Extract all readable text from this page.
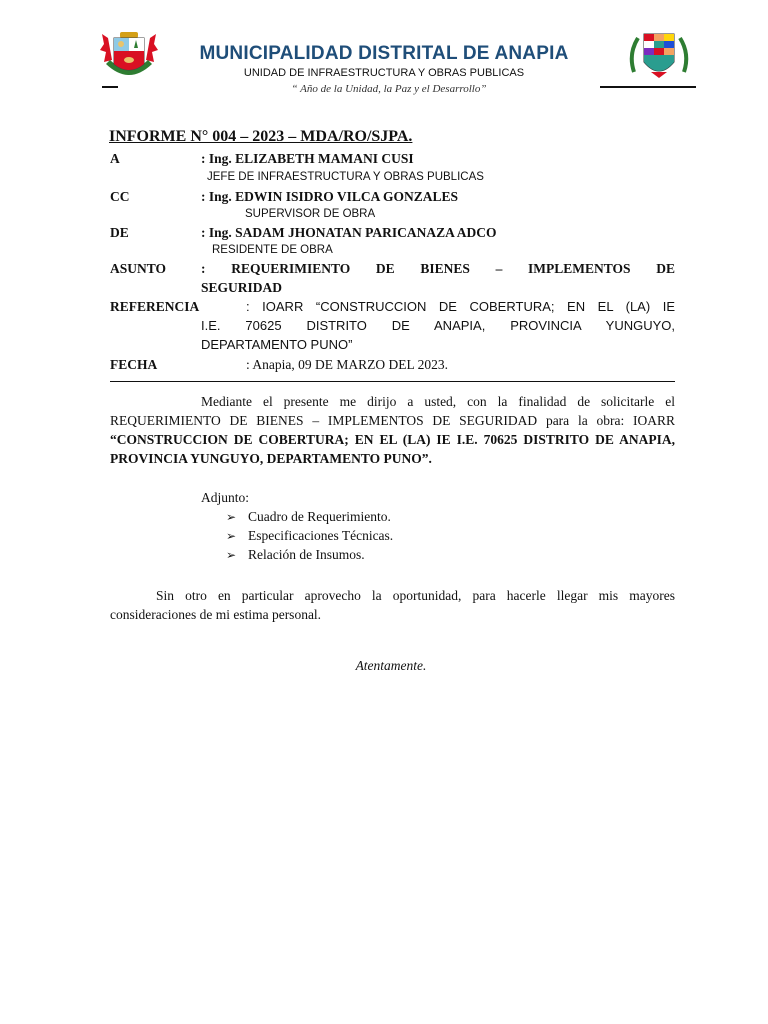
MUNICIPALIDAD DISTRITAL DE ANAPIA
UNIDAD DE INFRAESTRUCTURA Y OBRAS PUBLICAS
“ Año de la Unidad, la Paz y el Desarrollo”
INFORME N° 004 – 2023 – MDA/RO/SJPA.
A	: Ing. ELIZABETH MAMANI CUSI
JEFE DE INFRAESTRUCTURA Y OBRAS PUBLICAS
CC	: Ing. EDWIN ISIDRO VILCA GONZALES
SUPERVISOR DE OBRA
DE	: Ing. SADAM JHONATAN PARICANAZA ADCO
RESIDENTE DE OBRA
ASUNTO	: REQUERIMIENTO DE BIENES – IMPLEMENTOS DE
SEGURIDAD
REFERENCIA	: IOARR “CONSTRUCCION DE COBERTURA; EN EL (LA) IE
I.E. 70625 DISTRITO DE ANAPIA, PROVINCIA YUNGUYO,
DEPARTAMENTO PUNO”
FECHA	: Anapia, 09 DE MARZO DEL 2023.
Mediante el presente me dirijo a usted, con la finalidad de solicitarle el REQUERIMIENTO DE BIENES – IMPLEMENTOS DE SEGURIDAD para la obra: IOARR “CONSTRUCCION DE COBERTURA; EN EL (LA) IE I.E. 70625 DISTRITO DE ANAPIA, PROVINCIA YUNGUYO, DEPARTAMENTO PUNO”.
Adjunto:
➢ Cuadro de Requerimiento.
➢ Especificaciones Técnicas.
➢ Relación de Insumos.
Sin otro en particular aprovecho la oportunidad, para hacerle llegar mis mayores consideraciones de mi estima personal.
Atentamente.
